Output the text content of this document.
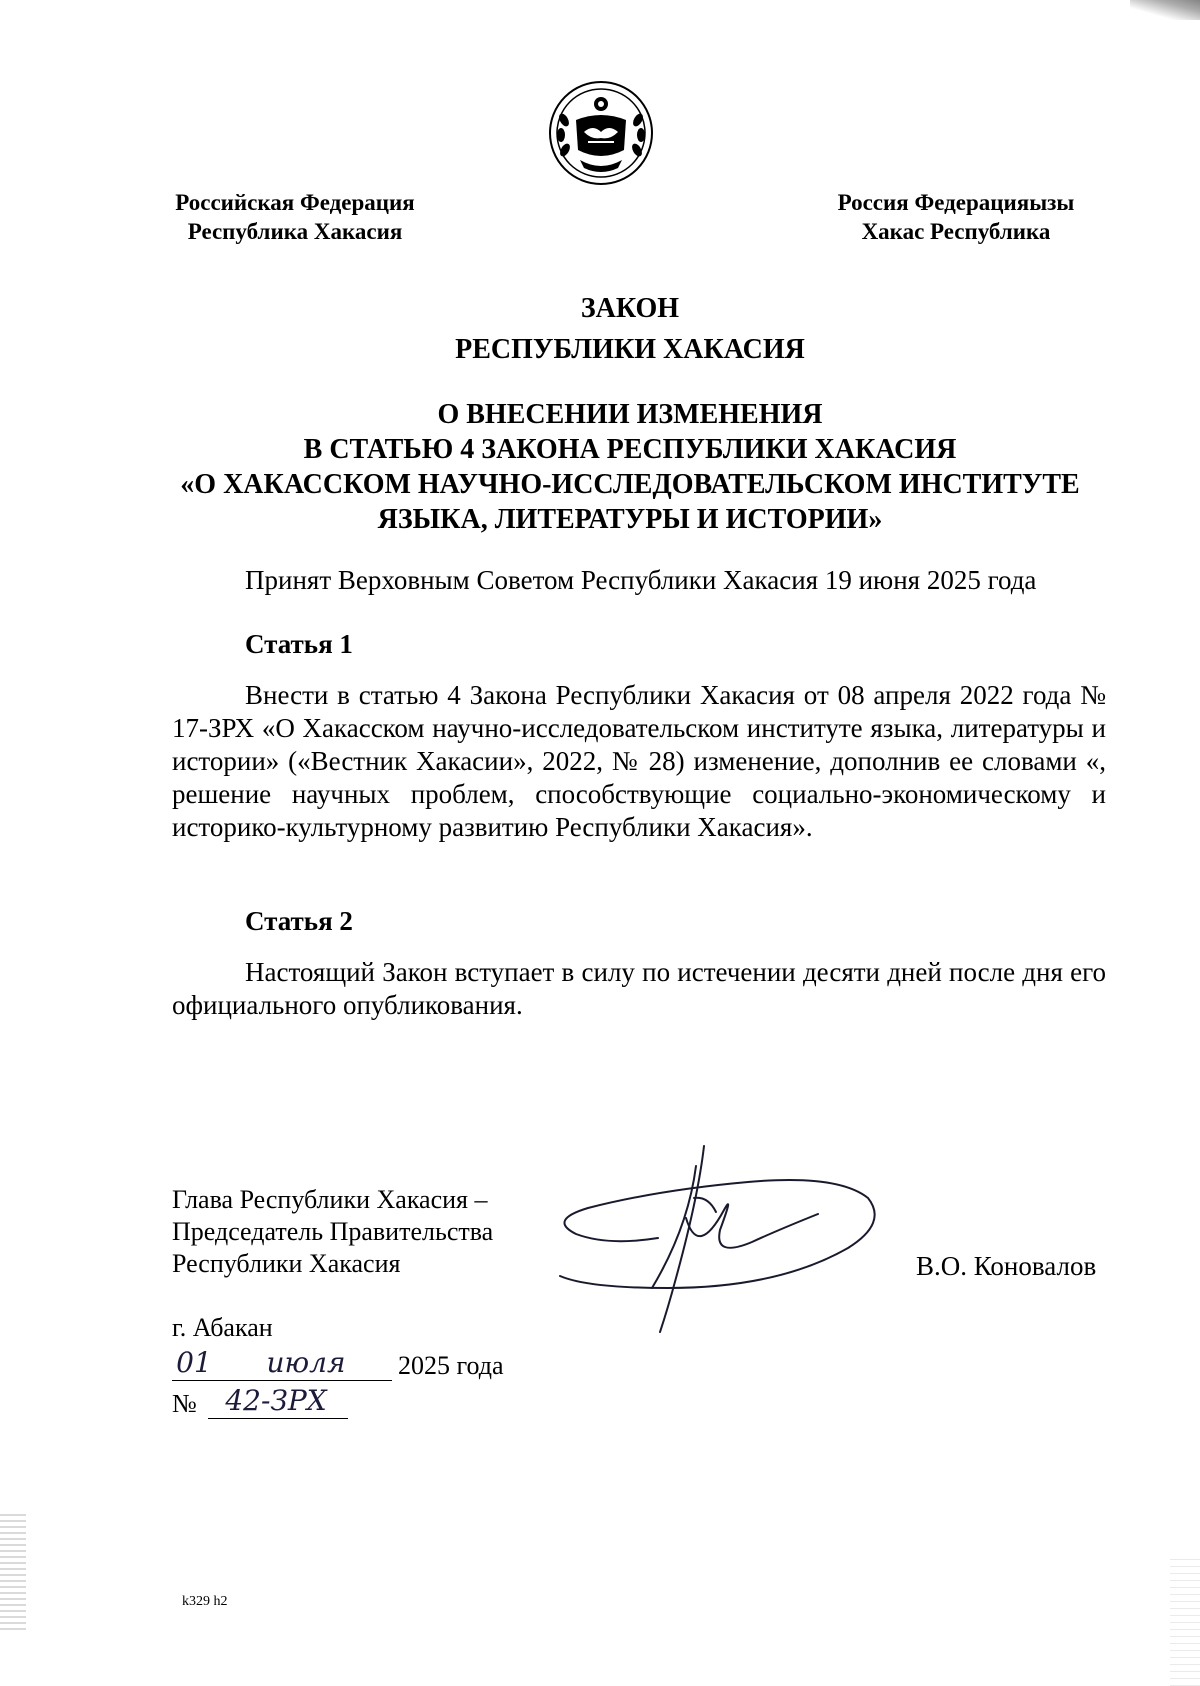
Российская Федерация
Республика Хакасия
Россия Федерацияызы
Хакас Республика
ЗАКОН
РЕСПУБЛИКИ ХАКАСИЯ
О ВНЕСЕНИИ ИЗМЕНЕНИЯ
В СТАТЬЮ 4 ЗАКОНА РЕСПУБЛИКИ ХАКАСИЯ
«О ХАКАССКОМ НАУЧНО-ИССЛЕДОВАТЕЛЬСКОМ ИНСТИТУТЕ
ЯЗЫКА, ЛИТЕРАТУРЫ И ИСТОРИИ»
Принят Верховным Советом Республики Хакасия 19 июня 2025 года
Статья 1
Внести в статью 4 Закона Республики Хакасия от 08 апреля 2022 года № 17-ЗРХ «О Хакасском научно-исследовательском институте языка, литературы и истории» («Вестник Хакасии», 2022, № 28) изменение, дополнив ее словами «, решение научных проблем, способствующие социально-экономическому и историко-культурному развитию Республики Хакасия».
Статья 2
Настоящий Закон вступает в силу по истечении десяти дней после дня его официального опубликования.
Глава Республики Хакасия –
Председатель Правительства
Республики Хакасия	В.О. Коновалов
г. Абакан
01	июля	2025 года
№	42-ЗРХ
k329 h2
